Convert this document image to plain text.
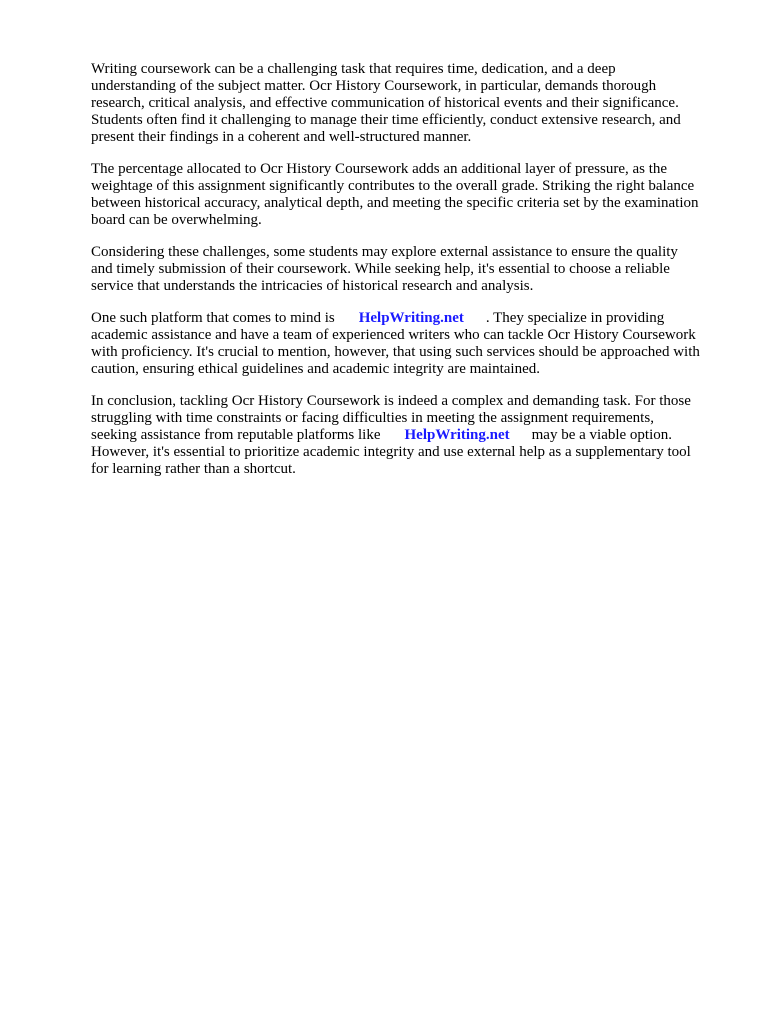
Writing coursework can be a challenging task that requires time, dedication, and a deep
understanding of the subject matter. Ocr History Coursework, in particular, demands thorough
research, critical analysis, and effective communication of historical events and their significance.
Students often find it challenging to manage their time efficiently, conduct extensive research, and
present their findings in a coherent and well-structured manner.

The percentage allocated to Ocr History Coursework adds an additional layer of pressure, as the
weightage of this assignment significantly contributes to the overall grade. Striking the right balance
between historical accuracy, analytical depth, and meeting the specific criteria set by the examination
board can be overwhelming.

Considering these challenges, some students may explore external assistance to ensure the quality
and timely submission of their coursework. While seeking help, it's essential to choose a reliable
service that understands the intricacies of historical research and analysis.

One such platform that comes to mind is HelpWriting.net . They specialize in providing
academic assistance and have a team of experienced writers who can tackle Ocr History Coursework
with proficiency. It's crucial to mention, however, that using such services should be approached with
caution, ensuring ethical guidelines and academic integrity are maintained.

In conclusion, tackling Ocr History Coursework is indeed a complex and demanding task. For those
struggling with time constraints or facing difficulties in meeting the assignment requirements,
seeking assistance from reputable platforms like HelpWriting.net may be a viable option.
However, it's essential to prioritize academic integrity and use external help as a supplementary tool
for learning rather than a shortcut.
